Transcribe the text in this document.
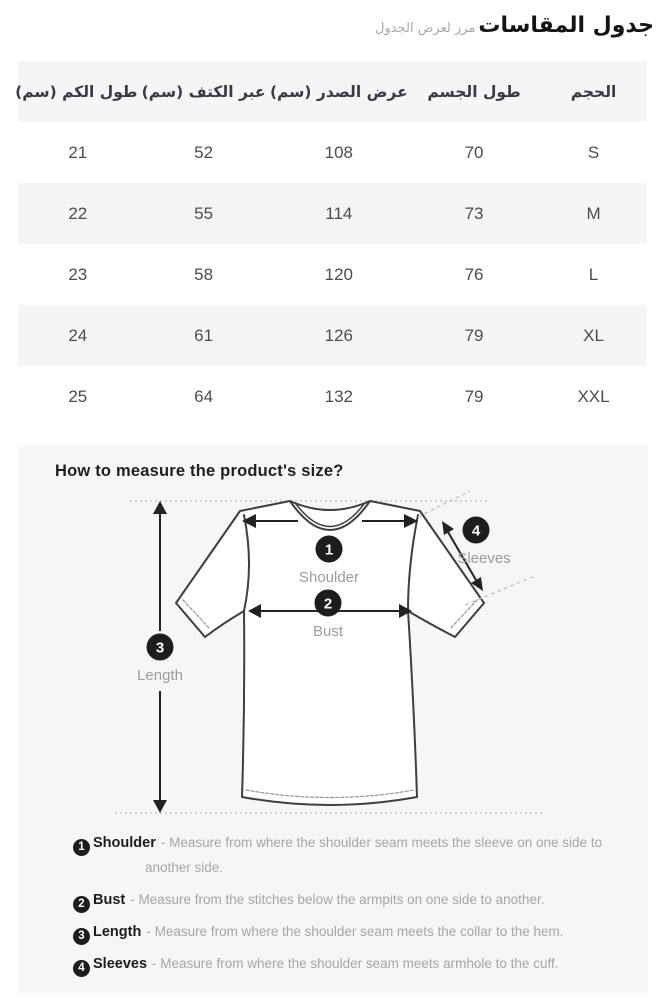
جدول المقاسات
مرر لعرض الجدول
الحجم	طول الجسم	عرض الصدر (سم)	عبر الكتف (سم)	طول الكم (سم)
S	70	108	52	21
M	73	114	55	22
L	76	120	58	23
XL	79	126	61	24
XXL	79	132	64	25
How to measure the product's size?
1
Shoulder
2
Bust
3
Length
4
Sleeves
1 Shoulder - Measure from where the shoulder seam meets the sleeve on one side to another side.
2 Bust - Measure from the stitches below the armpits on one side to another.
3 Length - Measure from where the shoulder seam meets the collar to the hem.
4 Sleeves - Measure from where the shoulder seam meets armhole to the cuff.
